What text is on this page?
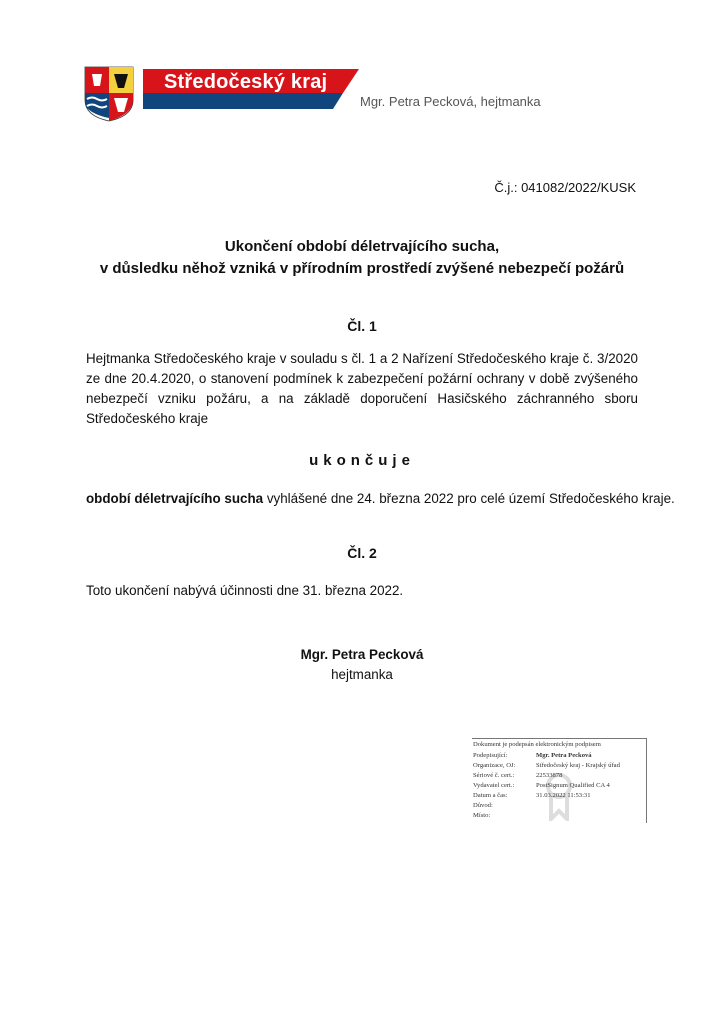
Středočeský kraj
Mgr. Petra Pecková, hejtmanka
Č.j.: 041082/2022/KUSK
Ukončení období déletrvajícího sucha,
v důsledku něhož vzniká v přírodním prostředí zvýšené nebezpečí požárů
Čl. 1
Hejtmanka Středočeského kraje v souladu s čl. 1 a 2 Nařízení Středočeského kraje č. 3/2020 ze dne 20.4.2020, o stanovení podmínek k zabezpečení požární ochrany v době zvýšeného nebezpečí vzniku požáru, a na základě doporučení Hasičského záchranného sboru Středočeského kraje
ukončuje
období déletrvajícího sucha vyhlášené dne 24. března 2022 pro celé území Středočeského kraje.
Čl. 2
Toto ukončení nabývá účinnosti dne 31. března 2022.
Mgr. Petra Pecková
hejtmanka
Dokument je podepsán elektronickým podpisem
Podepisující:	Mgr. Petra Pecková
Organizace, OJ:	Středočeský kraj - Krajský úřad
Sériové č. cert.:	22533878
Vydavatel cert.:	PostSignum Qualified CA 4
Datum a čas:	31.03.2022 11:53:31
Důvod:
Místo:
